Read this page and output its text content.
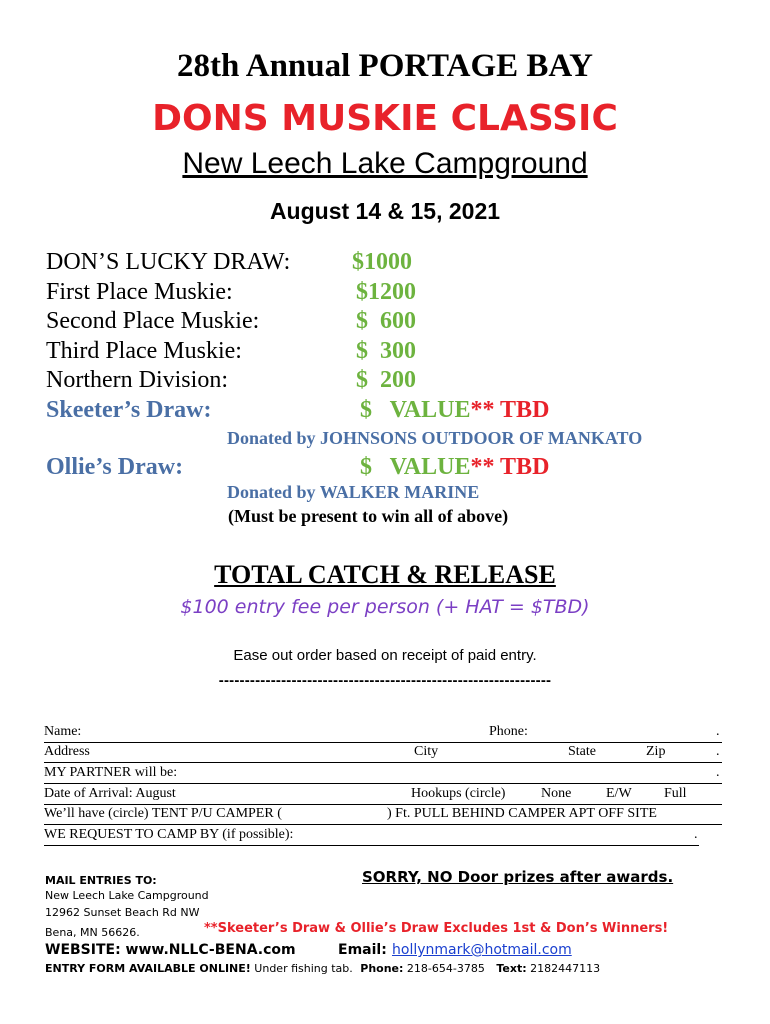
28th Annual PORTAGE BAY
DONS MUSKIE CLASSIC
New Leech Lake Campground
August 14 & 15, 2021
DON’S LUCKY DRAW:	$1000
First Place Muskie:	$1200
Second Place Muskie:	$  600
Third Place Muskie:	$  300
Northern Division:	$  200
Skeeter’s Draw:	$   VALUE** TBD
Donated by JOHNSONS OUTDOOR OF MANKATO
Ollie’s Draw:	$   VALUE** TBD
Donated by WALKER MARINE
(Must be present to win all of above)
TOTAL CATCH & RELEASE
$100 entry fee per person (+ HAT = $TBD)
Ease out order based on receipt of paid entry.
----------------------------------------------------------------
Name:	Phone:	.
Address	City	State	Zip	.
MY PARTNER will be:	.
Date of Arrival: August	Hookups (circle)	None E/W Full
We’ll have (circle) TENT P/U CAMPER (	) Ft. PULL BEHIND CAMPER APT OFF SITE
WE REQUEST TO CAMP BY (if possible):	.
MAIL ENTRIES TO:	SORRY, NO Door prizes after awards.
New Leech Lake Campground
12962 Sunset Beach Rd NW
Bena, MN 56626.	**Skeeter’s Draw & Ollie’s Draw Excludes 1st & Don’s Winners!
WEBSITE: www.NLLC-BENA.com	Email: hollynmark@hotmail.com
ENTRY FORM AVAILABLE ONLINE! Under fishing tab. Phone: 218-654-3785 Text: 2182447113
